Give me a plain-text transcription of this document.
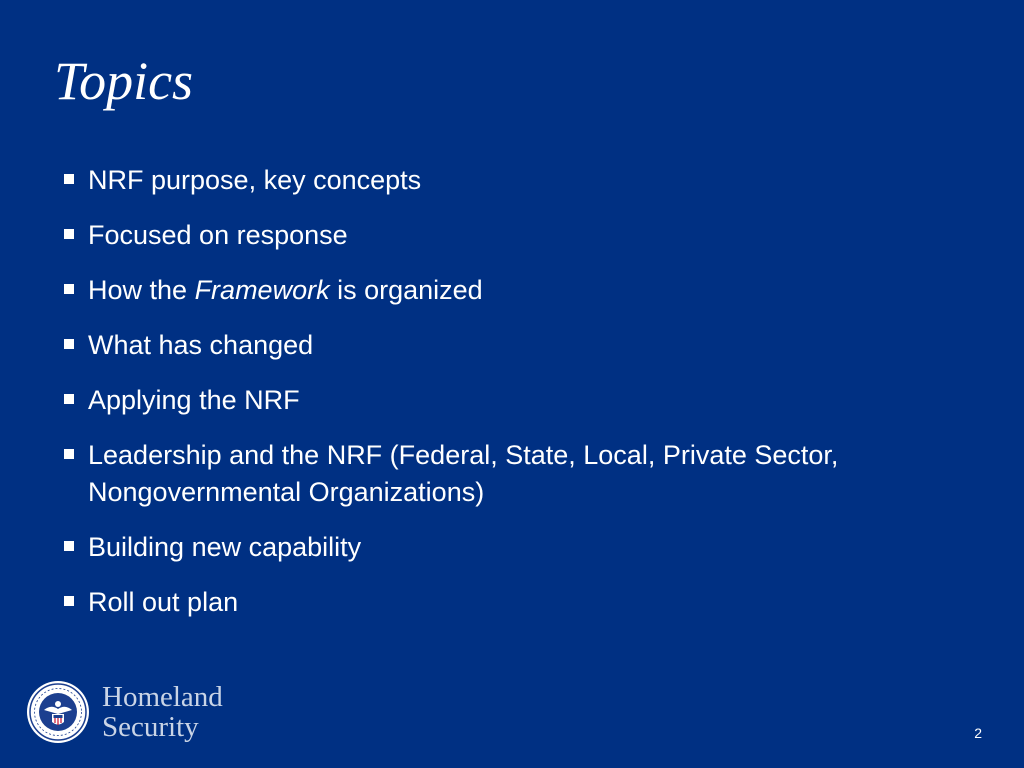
Topics
NRF purpose, key concepts
Focused on response
How the Framework is organized
What has changed
Applying the NRF
Leadership and the NRF (Federal, State, Local, Private Sector, Nongovernmental Organizations)
Building new capability
Roll out plan
Homeland
Security	2
